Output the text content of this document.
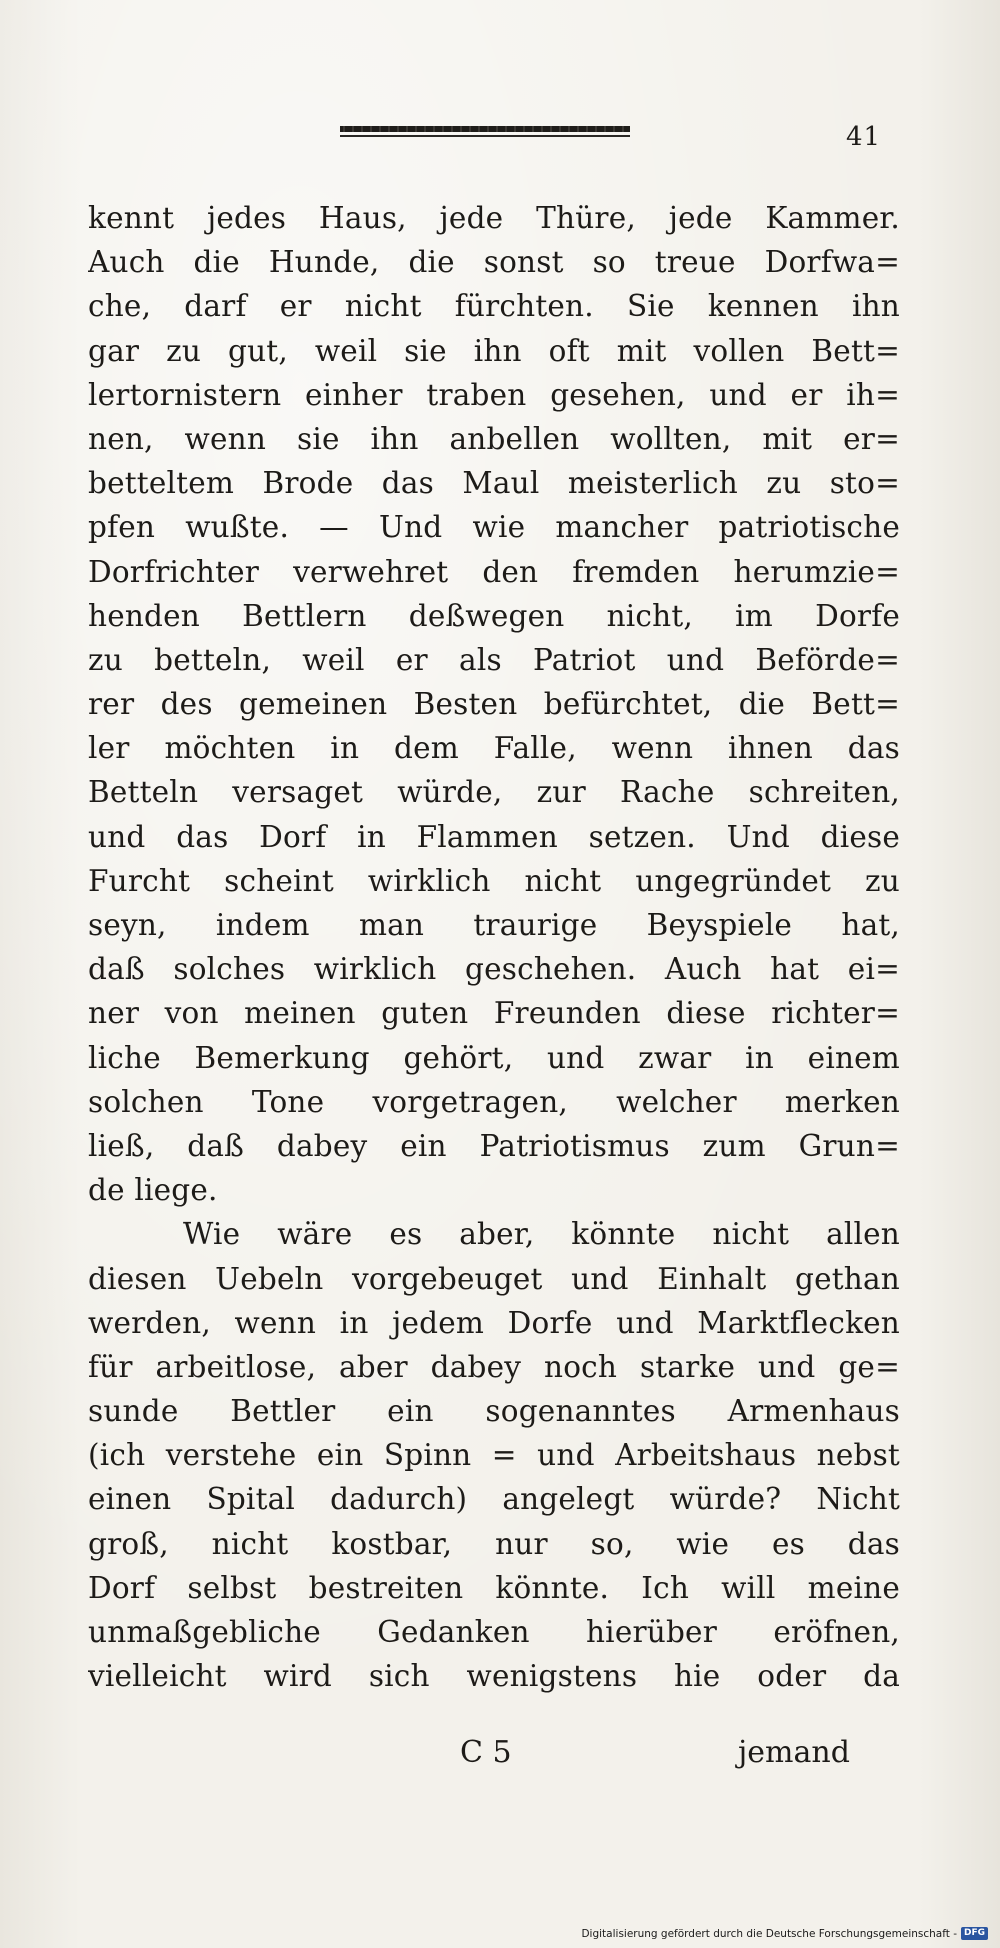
41
kennt jedes Haus, jede Thüre, jede Kammer.
Auch die Hunde, die sonst so treue Dorfwa=
che, darf er nicht fürchten. Sie kennen ihn
gar zu gut, weil sie ihn oft mit vollen Bett=
lertornistern einher traben gesehen, und er ih=
nen, wenn sie ihn anbellen wollten, mit er=
betteltem Brode das Maul meisterlich zu sto=
pfen wußte. — Und wie mancher patriotische
Dorfrichter verwehret den fremden herumzie=
henden Bettlern deßwegen nicht, im Dorfe
zu betteln, weil er als Patriot und Beförde=
rer des gemeinen Besten befürchtet, die Bett=
ler möchten in dem Falle, wenn ihnen das
Betteln versaget würde, zur Rache schreiten,
und das Dorf in Flammen setzen. Und diese
Furcht scheint wirklich nicht ungegründet zu
seyn, indem man traurige Beyspiele hat,
daß solches wirklich geschehen. Auch hat ei=
ner von meinen guten Freunden diese richter=
liche Bemerkung gehört, und zwar in einem
solchen Tone vorgetragen, welcher merken
ließ, daß dabey ein Patriotismus zum Grun=
de liege.
Wie wäre es aber, könnte nicht allen
diesen Uebeln vorgebeuget und Einhalt gethan
werden, wenn in jedem Dorfe und Marktflecken
für arbeitlose, aber dabey noch starke und ge=
sunde Bettler ein sogenanntes Armenhaus
(ich verstehe ein Spinn = und Arbeitshaus nebst
einen Spital dadurch) angelegt würde? Nicht
groß, nicht kostbar, nur so, wie es das
Dorf selbst bestreiten könnte. Ich will meine
unmaßgebliche Gedanken hierüber eröfnen,
vielleicht wird sich wenigstens hie oder da
C 5	jemand
Digitalisierung gefördert durch die Deutsche Forschungsgemeinschaft - DFG
